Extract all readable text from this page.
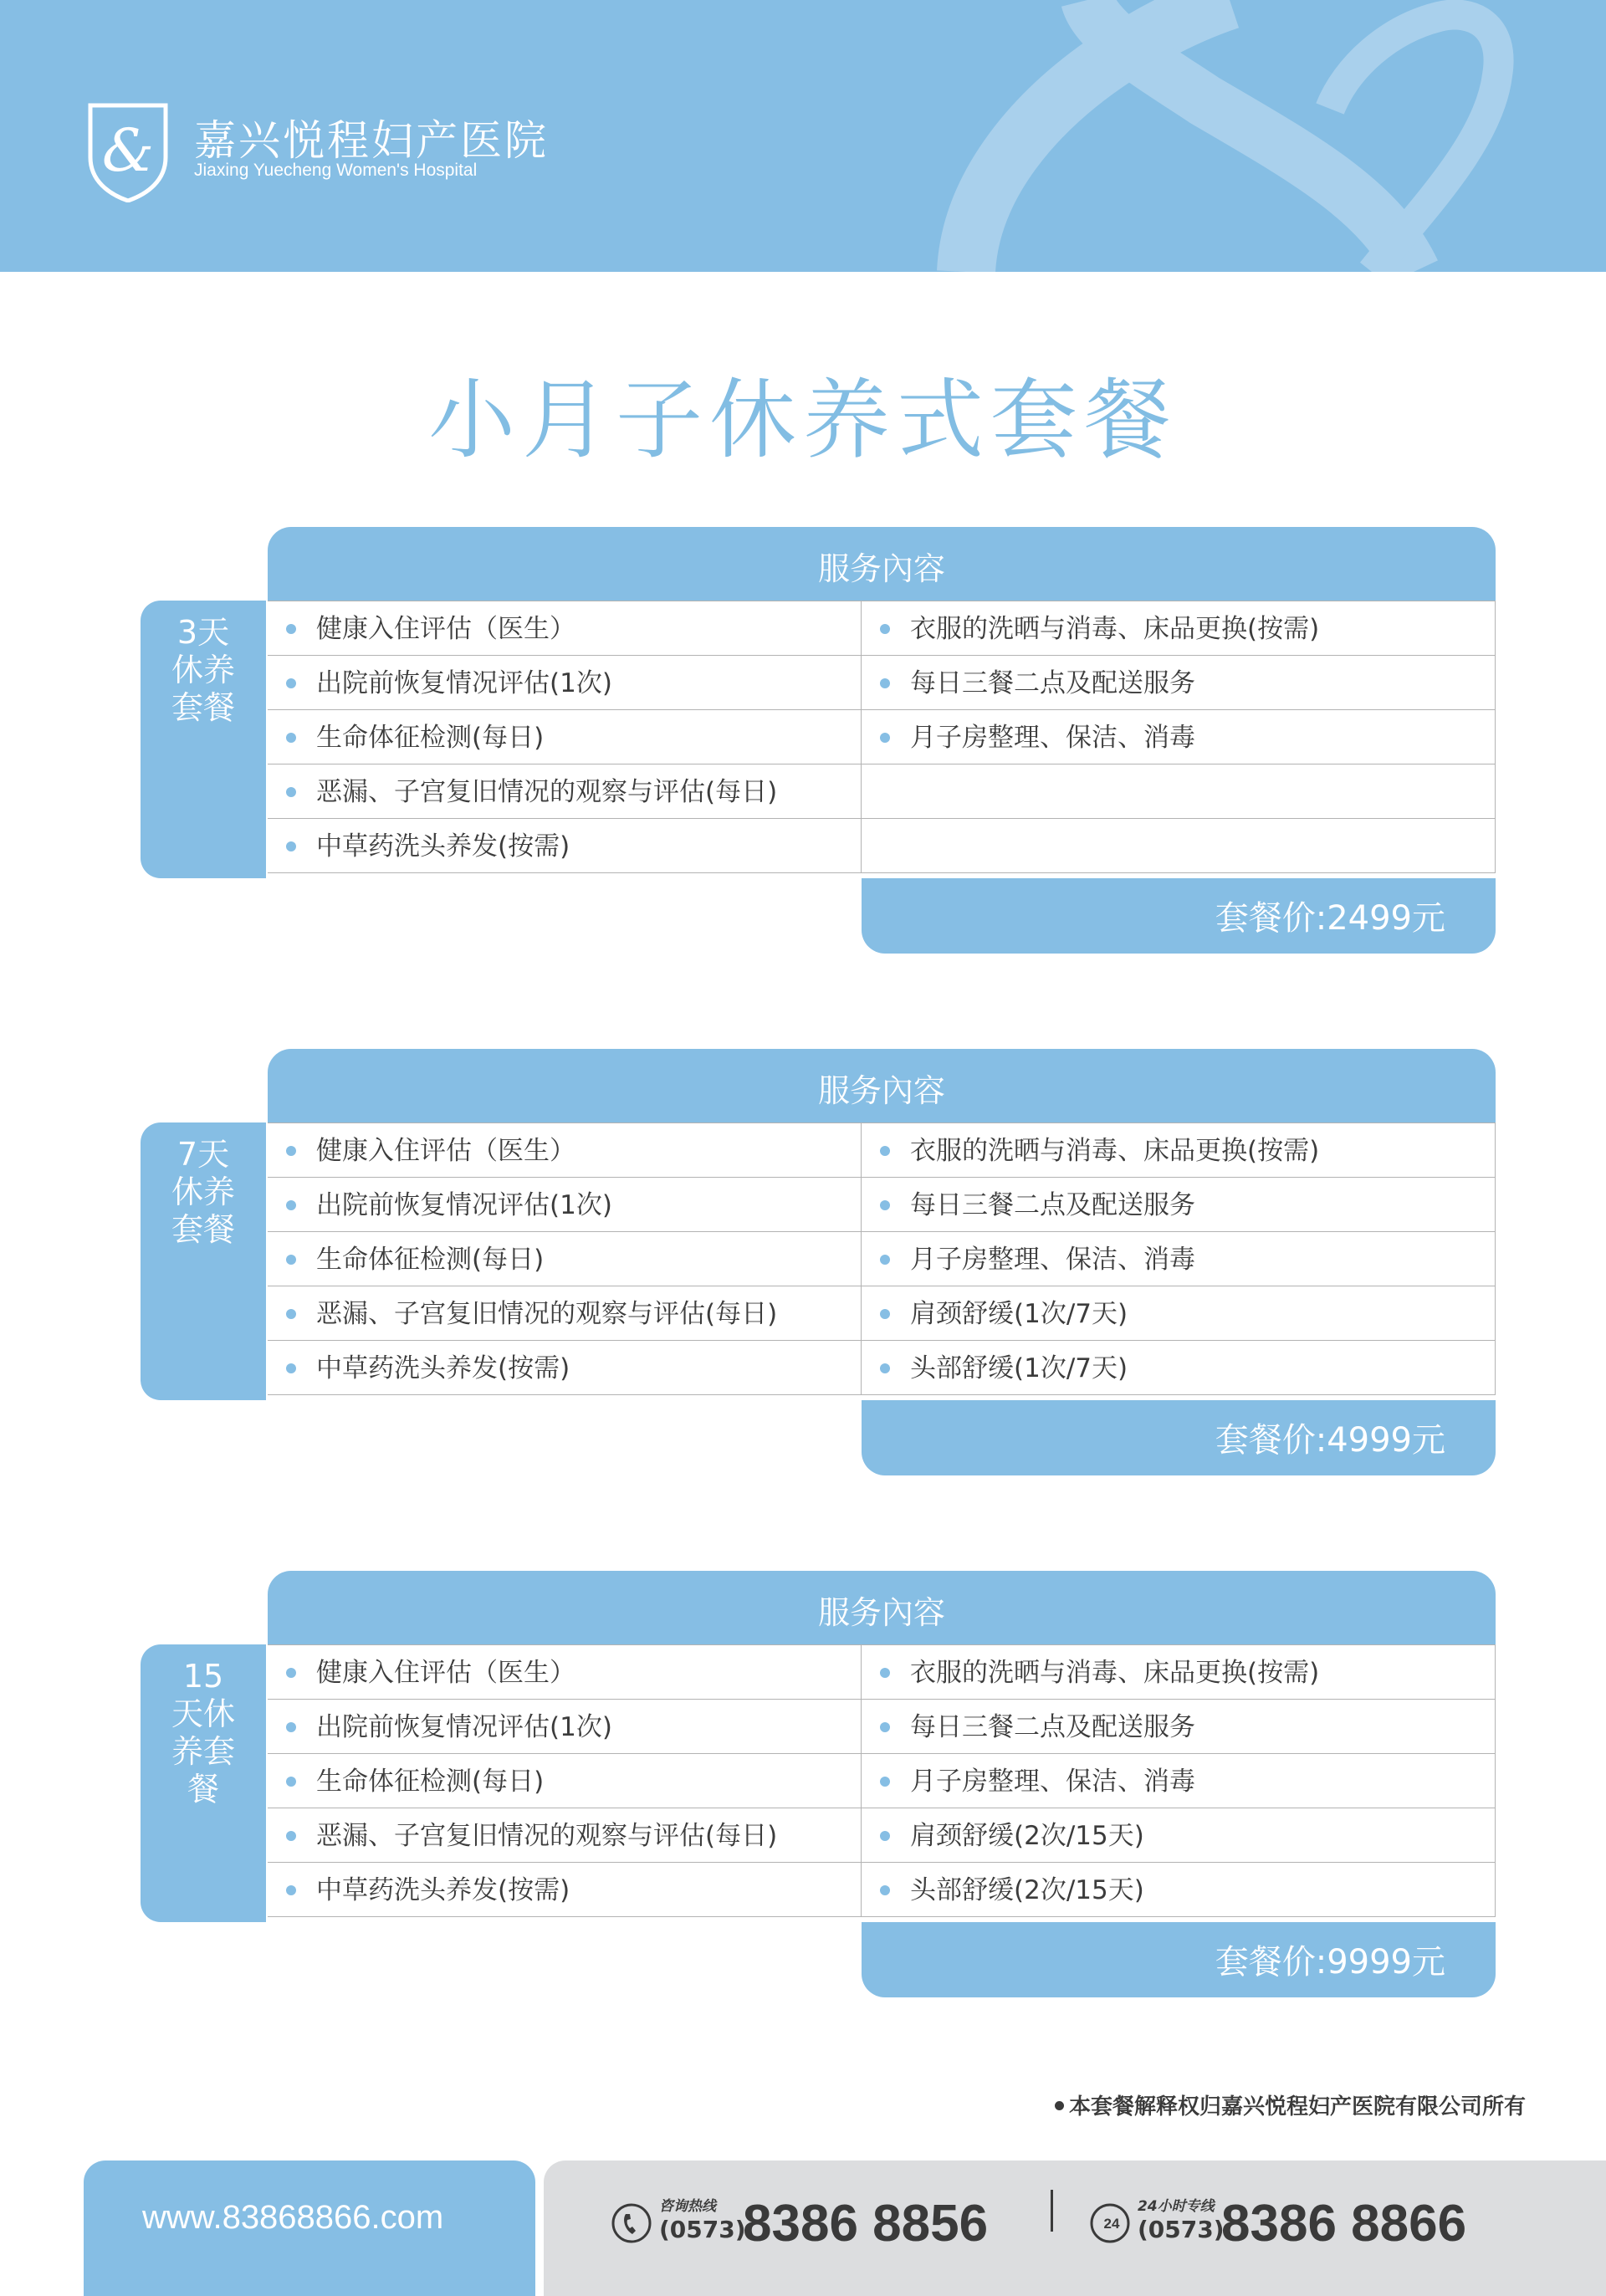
& 嘉兴悦程妇产医院
Jiaxing Yuecheng Women's Hospital
小月子休养式套餐
服务內容
3天休养套餐
健康入住评估（医生）
出院前恢复情况评估(1次)
生命体征检测(每日)
恶漏、子宫复旧情况的观察与评估(每日)
中草药洗头养发(按需)
衣服的洗晒与消毒、床品更换(按需)
每日三餐二点及配送服务
月子房整理、保洁、消毒
套餐价:2499元
服务內容
7天休养套餐
健康入住评估（医生）
出院前恢复情况评估(1次)
生命体征检测(每日)
恶漏、子宫复旧情况的观察与评估(每日)
中草药洗头养发(按需)
衣服的洗晒与消毒、床品更换(按需)
每日三餐二点及配送服务
月子房整理、保洁、消毒
肩颈舒缓(1次/7天)
头部舒缓(1次/7天)
套餐价:4999元
服务內容
15天休养套餐
健康入住评估（医生）
出院前恢复情况评估(1次)
生命体征检测(每日)
恶漏、子宫复旧情况的观察与评估(每日)
中草药洗头养发(按需)
衣服的洗晒与消毒、床品更换(按需)
每日三餐二点及配送服务
月子房整理、保洁、消毒
肩颈舒缓(2次/15天)
头部舒缓(2次/15天)
套餐价:9999元
本套餐解释权归嘉兴悦程妇产医院有限公司所有
www.83868866.com	咨询热线
(0573)
8386 8856	24
24小时专线
(0573)
8386 8866
